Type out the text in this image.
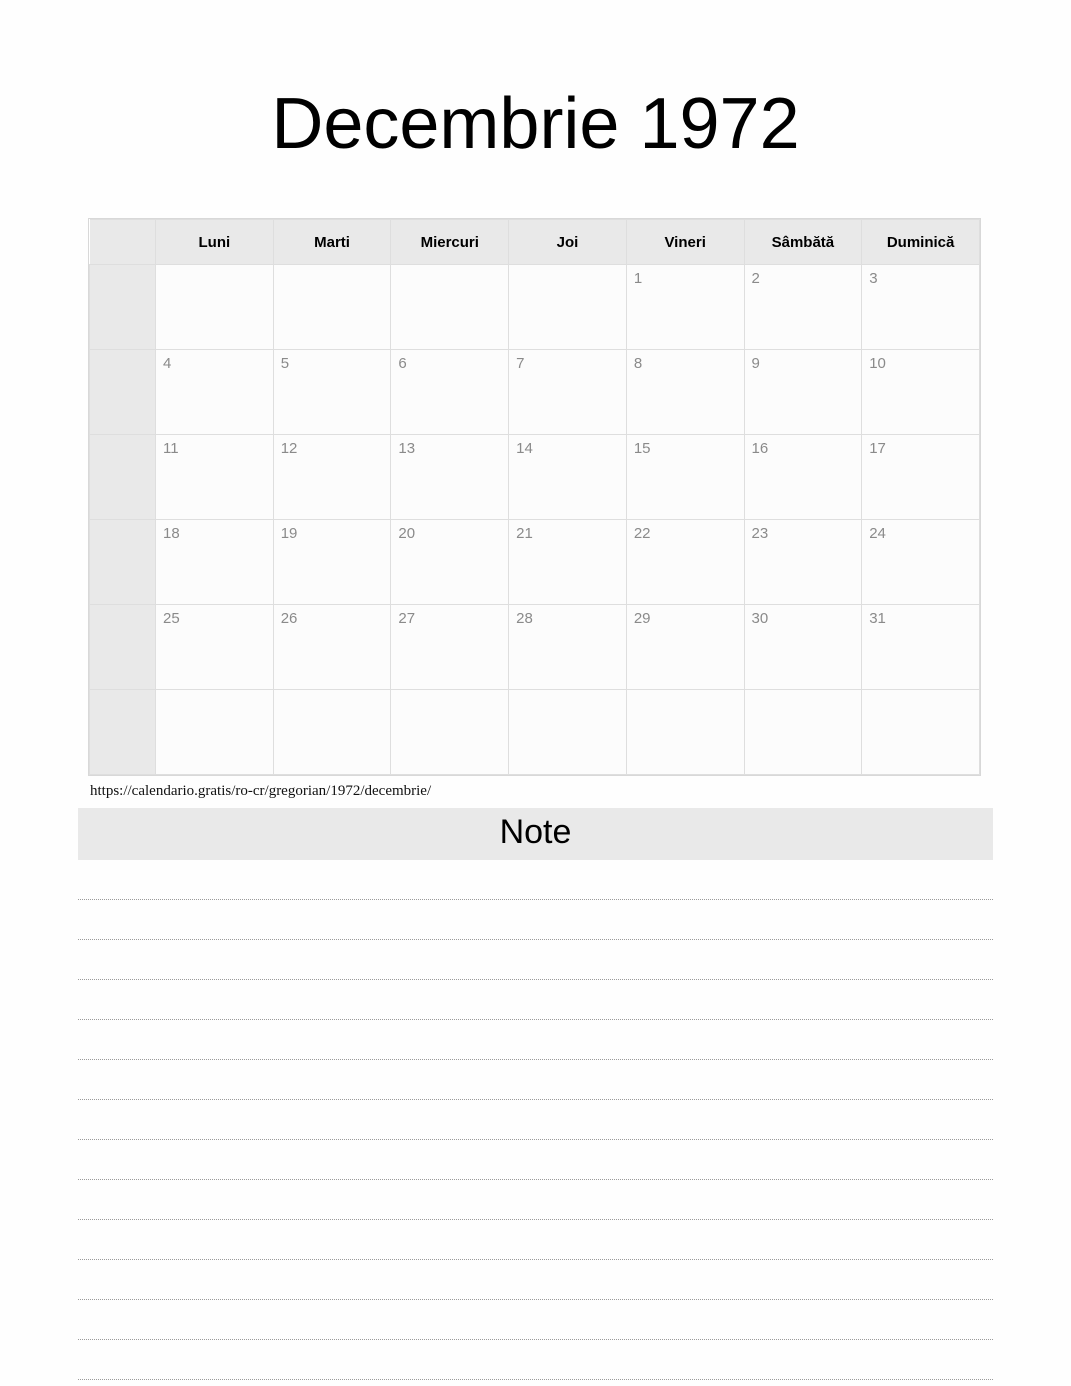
Decembrie 1972
	Luni	Marti	Miercuri	Joi	Vineri	Sâmbătă	Duminică

					1	2	3

	4	5	6	7	8	9	10

	11	12	13	14	15	16	17

	18	19	20	21	22	23	24

	25	26	27	28	29	30	31

https://calendario.gratis/ro-cr/gregorian/1972/decembrie/
Note
